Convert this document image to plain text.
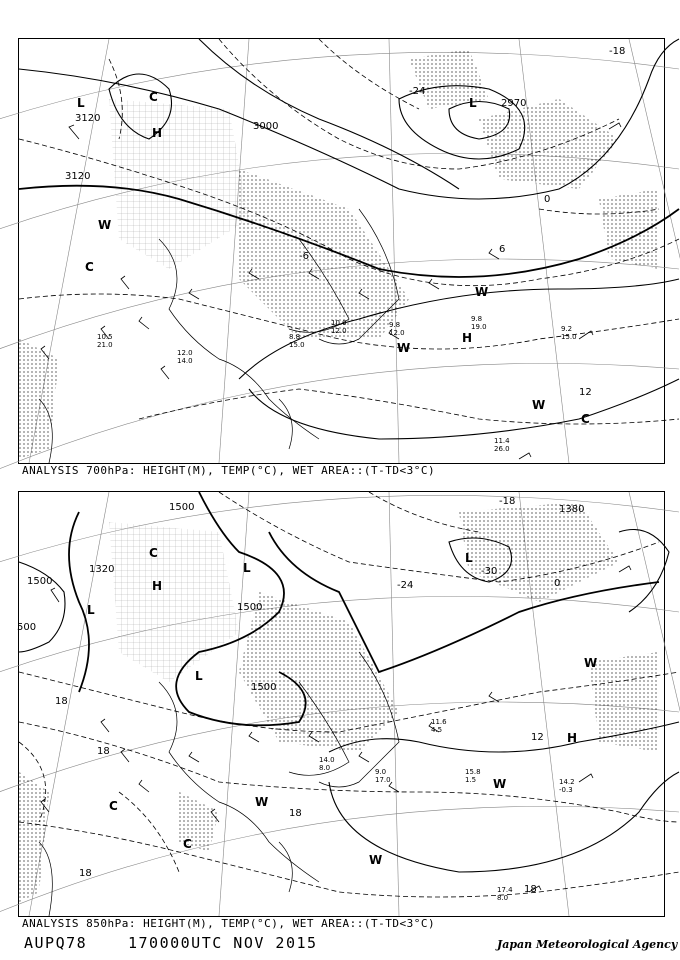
3000
3120
3120
6
0
-6
12
-18
-24
2970
L	L
H
H
W
W
W
W
C
C
C
11.4
26.0
9.2
15.0
10.0
12.0
9.8
19.0
8.8
15.0
10.5
21.0
12.0
14.0
9.8
12.0
ANALYSIS 700hPa: HEIGHT(M), TEMP(°C), WET AREA::(T-TD<3°C)
1500
1500
1500
1500
1380
1320
500
12
18
18
18
18
18
-24
-30
-18
0
L
L
L
L
H
H
C
C
C
W
W
W
W
17.4
8.0
14.2
-0.3
15.8
1.5
11.6
4.5
9.0
17.0
14.0
8.0
ANALYSIS 850hPa: HEIGHT(M), TEMP(°C), WET AREA::(T-TD<3°C)
AUPQ78	170000UTC NOV 2015	Japan Meteorological Agency
